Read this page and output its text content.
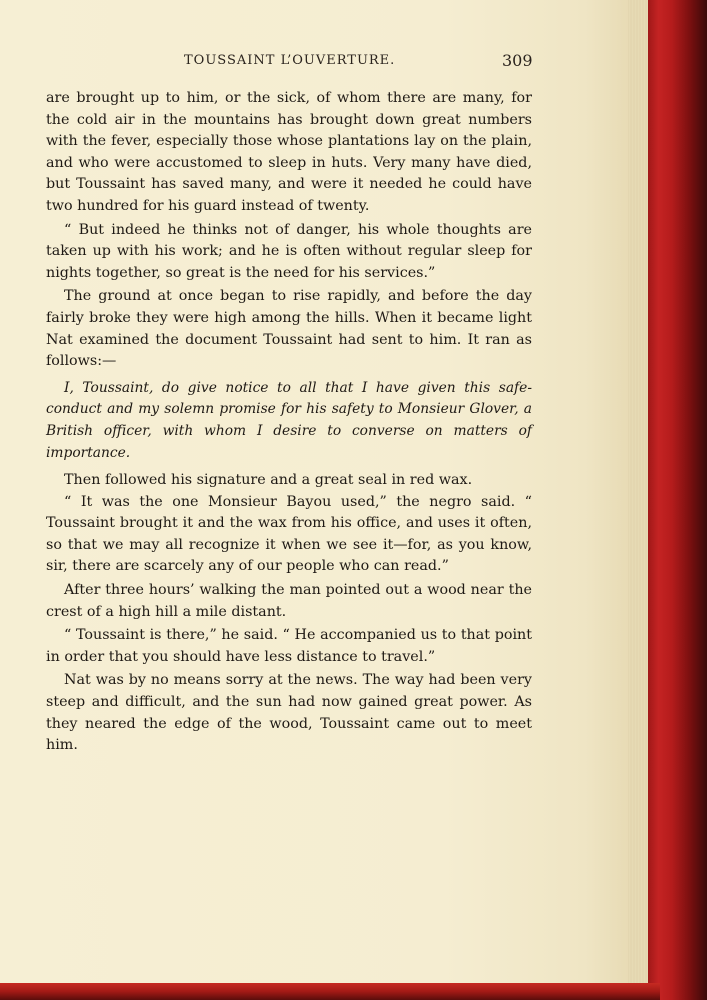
TOUSSAINT L’OUVERTURE.	309

are brought up to him, or the sick, of whom there are many, for the cold air in the mountains has brought down great numbers with the fever, especially those whose plantations lay on the plain, and who were accustomed to sleep in huts. Very many have died, but Toussaint has saved many, and were it needed he could have two hundred for his guard instead of twenty.

“ But indeed he thinks not of danger, his whole thoughts are taken up with his work; and he is often without regular sleep for nights together, so great is the need for his services.”

The ground at once began to rise rapidly, and before the day fairly broke they were high among the hills. When it became light Nat examined the document Toussaint had sent to him. It ran as follows:—

I, Toussaint, do give notice to all that I have given this safe-conduct and my solemn promise for his safety to Monsieur Glover, a British officer, with whom I desire to converse on matters of importance.

Then followed his signature and a great seal in red wax.

“ It was the one Monsieur Bayou used,” the negro said. “ Toussaint brought it and the wax from his office, and uses it often, so that we may all recognize it when we see it—for, as you know, sir, there are scarcely any of our people who can read.”

After three hours’ walking the man pointed out a wood near the crest of a high hill a mile distant.

“ Toussaint is there,” he said. “ He accompanied us to that point in order that you should have less distance to travel.”

Nat was by no means sorry at the news. The way had been very steep and difficult, and the sun had now gained great power. As they neared the edge of the wood, Toussaint came out to meet him.
